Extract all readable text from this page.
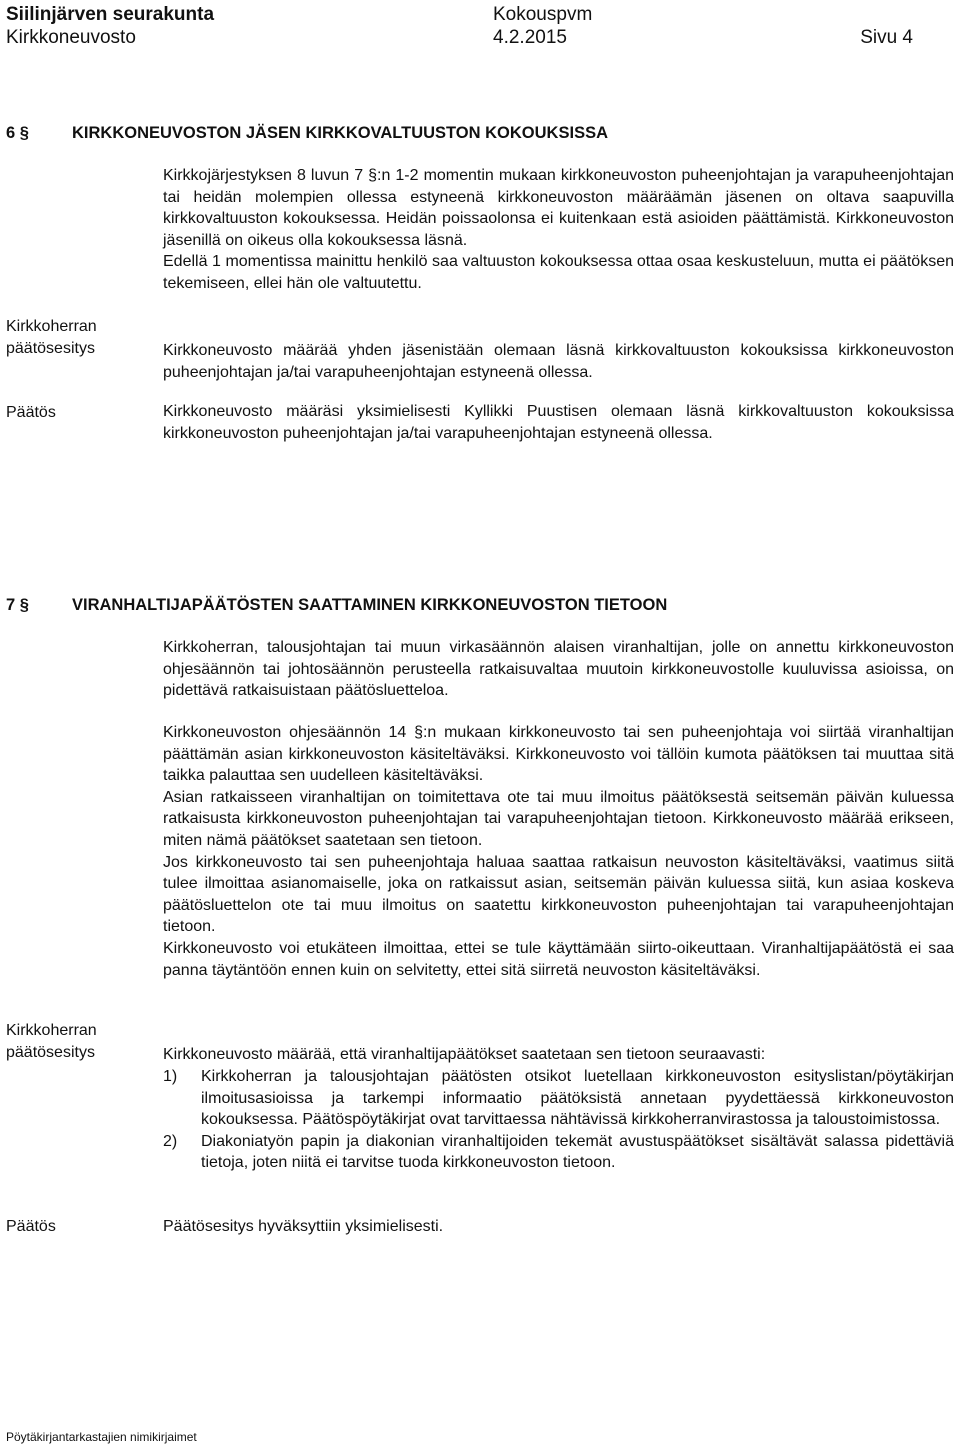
Siilinjärven seurakunta
Kirkkoneuvosto
Kokouspvm
4.2.2015	Sivu 4
6 §	KIRKKONEUVOSTON JÄSEN KIRKKOVALTUUSTON KOKOUKSISSA

Kirkkojärjestyksen 8 luvun 7 §:n 1-2 momentin mukaan kirkkoneuvoston puheenjohtajan ja varapuheenjohtajan tai heidän molempien ollessa estyneenä kirkkoneuvoston määräämän jäsenen on oltava saapuvilla kirkkovaltuuston kokouksessa. Heidän poissaolonsa ei kuitenkaan estä asioiden päättämistä. Kirkkoneuvoston jäsenillä on oikeus olla kokouksessa läsnä.

Edellä 1 momentissa mainittu henkilö saa valtuuston kokouksessa ottaa osaa keskusteluun, mutta ei päätöksen tekemiseen, ellei hän ole valtuutettu.

Kirkkoherran
päätösesitys	Kirkkoneuvosto määrää yhden jäsenistään olemaan läsnä kirkkovaltuuston kokouksissa kirkkoneuvoston puheenjohtajan ja/tai varapuheenjohtajan estyneenä ollessa.
Päätös	Kirkkoneuvosto määräsi yksimielisesti Kyllikki Puustisen olemaan läsnä kirkkovaltuuston kokouksissa kirkkoneuvoston puheenjohtajan ja/tai varapuheenjohtajan estyneenä ollessa.
7 §	VIRANHALTIJAPÄÄTÖSTEN SAATTAMINEN KIRKKONEUVOSTON TIETOON
Kirkkoherran, talousjohtajan tai muun virkasäännön alaisen viranhaltijan, jolle on annettu kirkkoneuvoston ohjesäännön tai johtosäännön perusteella ratkaisuvaltaa muutoin kirkkoneuvostolle kuuluvissa asioissa, on pidettävä ratkaisuistaan päätösluetteloa.

Kirkkoneuvoston ohjesäännön 14 §:n mukaan kirkkoneuvosto tai sen puheenjohtaja voi siirtää viranhaltijan päättämän asian kirkkoneuvoston käsiteltäväksi. Kirkkoneuvosto voi tällöin kumota päätöksen tai muuttaa sitä taikka palauttaa sen uudelleen käsiteltäväksi.

Asian ratkaisseen viranhaltijan on toimitettava ote tai muu ilmoitus päätöksestä seitsemän päivän kuluessa ratkaisusta kirkkoneuvoston puheenjohtajan tai varapuheenjohtajan tietoon. Kirkkoneuvosto määrää erikseen, miten nämä päätökset saatetaan sen tietoon.

Jos kirkkoneuvosto tai sen puheenjohtaja haluaa saattaa ratkaisun neuvoston käsiteltäväksi, vaatimus siitä tulee ilmoittaa asianomaiselle, joka on ratkaissut asian, seitsemän päivän kuluessa siitä, kun asiaa koskeva päätösluettelon ote tai muu ilmoitus on saatettu kirkkoneuvoston puheenjohtajan tai varapuheenjohtajan tietoon.

Kirkkoneuvosto voi etukäteen ilmoittaa, ettei se tule käyttämään siirto-oikeuttaan. Viranhaltijapäätöstä ei saa panna täytäntöön ennen kuin on selvitetty, ettei sitä siirretä neuvoston käsiteltäväksi.

Kirkkoherran
päätösesitys	Kirkkoneuvosto määrää, että viranhaltijapäätökset saatetaan sen tietoon seuraavasti:
1)	Kirkkoherran ja talousjohtajan päätösten otsikot luetellaan kirkkoneuvoston esityslistan/pöytäkirjan ilmoitusasioissa ja tarkempi informaatio päätöksistä annetaan pyydettäessä kirkkoneuvoston kokouksessa. Päätöspöytäkirjat ovat tarvittaessa nähtävissä kirkkoherranvirastossa ja taloustoimistossa.
2)	Diakoniatyön papin ja diakonian viranhaltijoiden tekemät avustuspäätökset sisältävät salassa pidettäviä tietoja, joten niitä ei tarvitse tuoda kirkkoneuvoston tietoon.
Päätös	Päätösesitys hyväksyttiin yksimielisesti.
Pöytäkirjantarkastajien nimikirjaimet
